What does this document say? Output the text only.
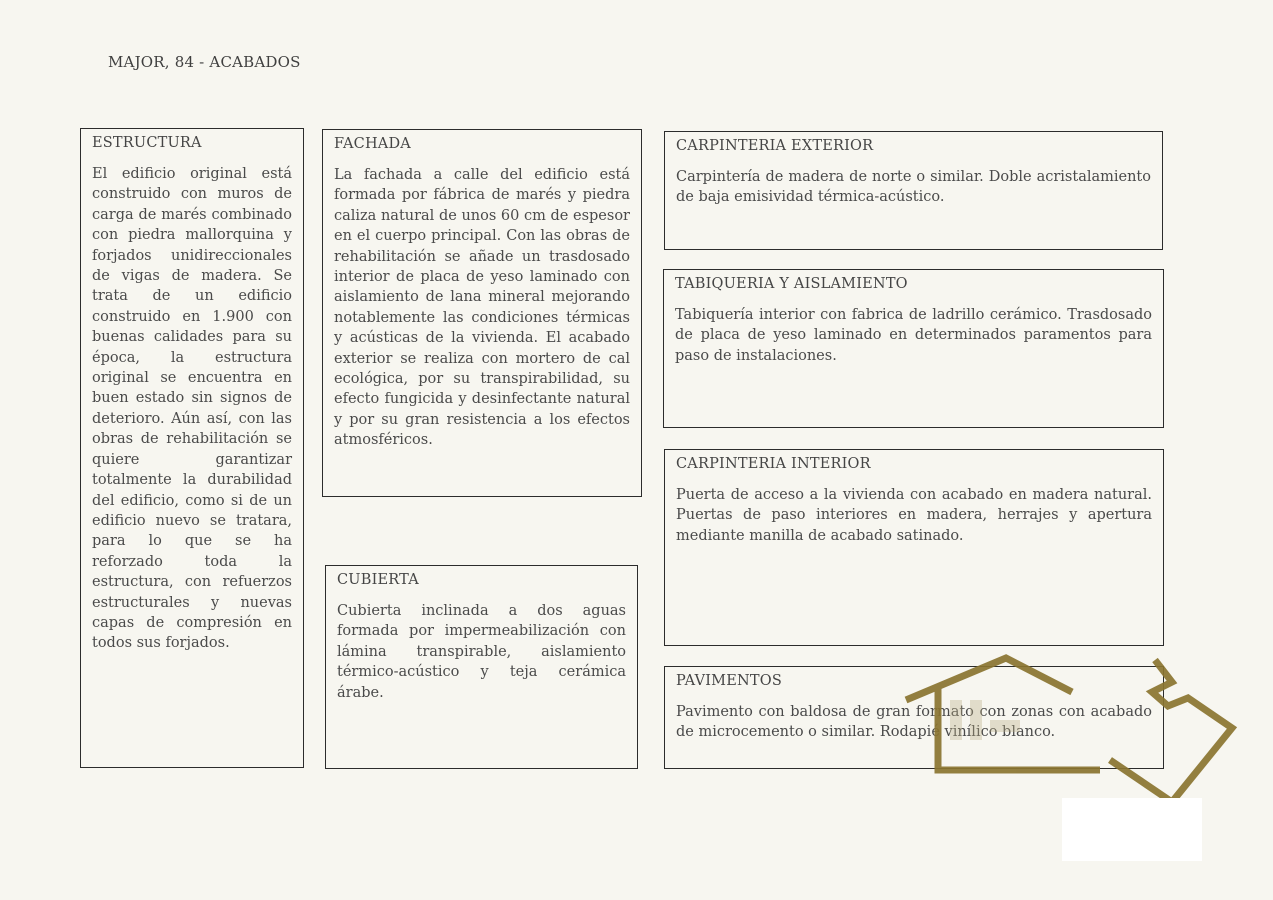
MAJOR, 84 - ACABADOS
ESTRUCTURA

El edificio original está construido con muros de carga de marés combinado con piedra mallorquina y forjados unidireccionales de vigas de madera. Se trata de un edificio construido en 1.900 con buenas calidades para su época, la estructura original se encuentra en buen estado sin signos de deterioro. Aún así, con las obras de rehabilitación se quiere garantizar totalmente la durabilidad del edificio, como si de un edificio nuevo se tratara, para lo que se ha reforzado toda la estructura, con refuerzos estructurales y nuevas capas de compresión en todos sus forjados.

FACHADA

La fachada a calle del edificio está formada por fábrica de marés y piedra caliza natural de unos 60 cm de espesor en el cuerpo principal. Con las obras de rehabilitación se añade un trasdosado interior de placa de yeso laminado con aislamiento de lana mineral mejorando notablemente las condiciones térmicas y acústicas de la vivienda. El acabado exterior se realiza con mortero de cal ecológica, por su transpirabilidad, su efecto fungicida y desinfectante natural y por su gran resistencia a los efectos atmosféricos.

CUBIERTA

Cubierta inclinada a dos aguas formada por impermeabilización con lámina transpirable, aislamiento térmico-acústico y teja cerámica árabe.

CARPINTERIA EXTERIOR

Carpintería de madera de norte o similar. Doble acristalamiento de baja emisividad térmica-acústico.

TABIQUERIA Y AISLAMIENTO

Tabiquería interior con fabrica de ladrillo cerámico. Trasdosado de placa de yeso laminado en determinados paramentos para paso de instalaciones.

CARPINTERIA INTERIOR

Puerta de acceso a la vivienda con acabado en madera natural. Puertas de paso interiores en madera, herrajes y apertura mediante manilla de acabado satinado.

PAVIMENTOS

Pavimento con baldosa de gran formato con zonas con acabado de microcemento o similar. Rodapié vinílico blanco.
